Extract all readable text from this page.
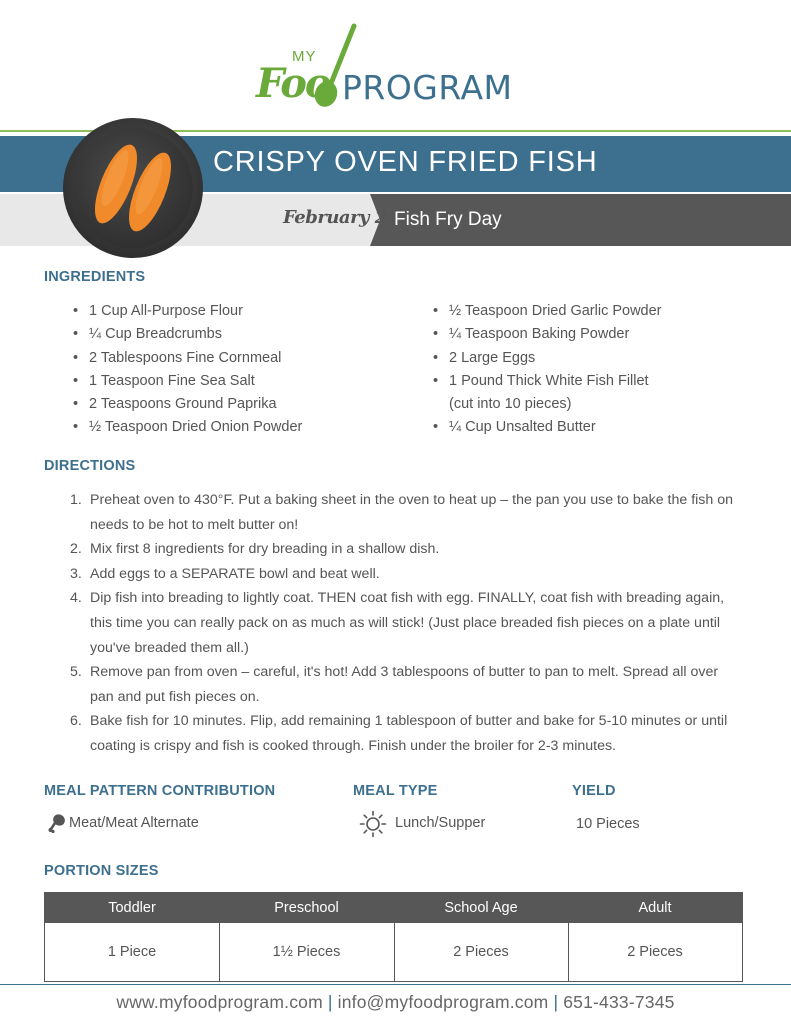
MY
Foo PROGRAM
CRISPY OVEN FRIED FISH
February 24
Fish Fry Day
INGREDIENTS
• 1 Cup All-Purpose Flour
• ¼ Cup Breadcrumbs
• 2 Tablespoons Fine Cornmeal
• 1 Teaspoon Fine Sea Salt
• 2 Teaspoons Ground Paprika
• ½ Teaspoon Dried Onion Powder
• ½ Teaspoon Dried Garlic Powder
• ¼ Teaspoon Baking Powder
• 2 Large Eggs
• 1 Pound Thick White Fish Fillet
(cut into 10 pieces)
• ¼ Cup Unsalted Butter
DIRECTIONS
1. Preheat oven to 430°F. Put a baking sheet in the oven to heat up – the pan you use to bake the fish on needs to be hot to melt butter on!
2. Mix first 8 ingredients for dry breading in a shallow dish.
3. Add eggs to a SEPARATE bowl and beat well.
4. Dip fish into breading to lightly coat. THEN coat fish with egg. FINALLY, coat fish with breading again, this time you can really pack on as much as will stick! (Just place breaded fish pieces on a plate until you've breaded them all.)
5. Remove pan from oven – careful, it's hot! Add 3 tablespoons of butter to pan to melt. Spread all over pan and put fish pieces on.
6. Bake fish for 10 minutes. Flip, add remaining 1 tablespoon of butter and bake for 5-10 minutes or until coating is crispy and fish is cooked through. Finish under the broiler for 2-3 minutes.
MEAL PATTERN CONTRIBUTION	MEAL TYPE	YIELD
Meat/Meat Alternate	Lunch/Supper	10 Pieces
PORTION SIZES
Toddler	Preschool	School Age	Adult
1 Piece	1½ Pieces	2 Pieces	2 Pieces
www.myfoodprogram.com | info@myfoodprogram.com | 651-433-7345
